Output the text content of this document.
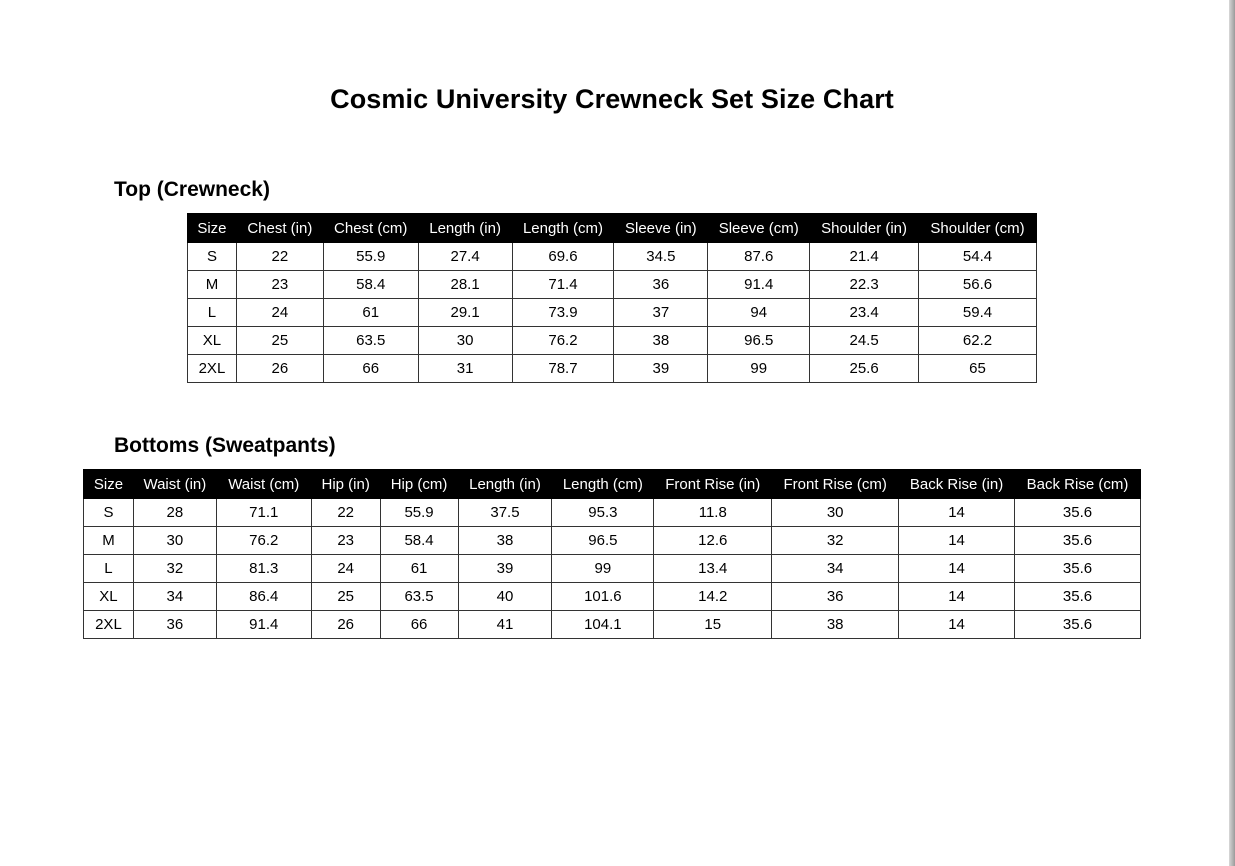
Cosmic University Crewneck Set Size Chart
Top (Crewneck)
Size	Chest (in)	Chest (cm)	Length (in)	Length (cm)	Sleeve (in)	Sleeve (cm)	Shoulder (in)	Shoulder (cm)
S	22	55.9	27.4	69.6	34.5	87.6	21.4	54.4
M	23	58.4	28.1	71.4	36	91.4	22.3	56.6
L	24	61	29.1	73.9	37	94	23.4	59.4
XL	25	63.5	30	76.2	38	96.5	24.5	62.2
2XL	26	66	31	78.7	39	99	25.6	65
Bottoms (Sweatpants)
Size	Waist (in)	Waist (cm)	Hip (in)	Hip (cm)	Length (in)	Length (cm)	Front Rise (in)	Front Rise (cm)	Back Rise (in)	Back Rise (cm)
S	28	71.1	22	55.9	37.5	95.3	11.8	30	14	35.6
M	30	76.2	23	58.4	38	96.5	12.6	32	14	35.6
L	32	81.3	24	61	39	99	13.4	34	14	35.6
XL	34	86.4	25	63.5	40	101.6	14.2	36	14	35.6
2XL	36	91.4	26	66	41	104.1	15	38	14	35.6
